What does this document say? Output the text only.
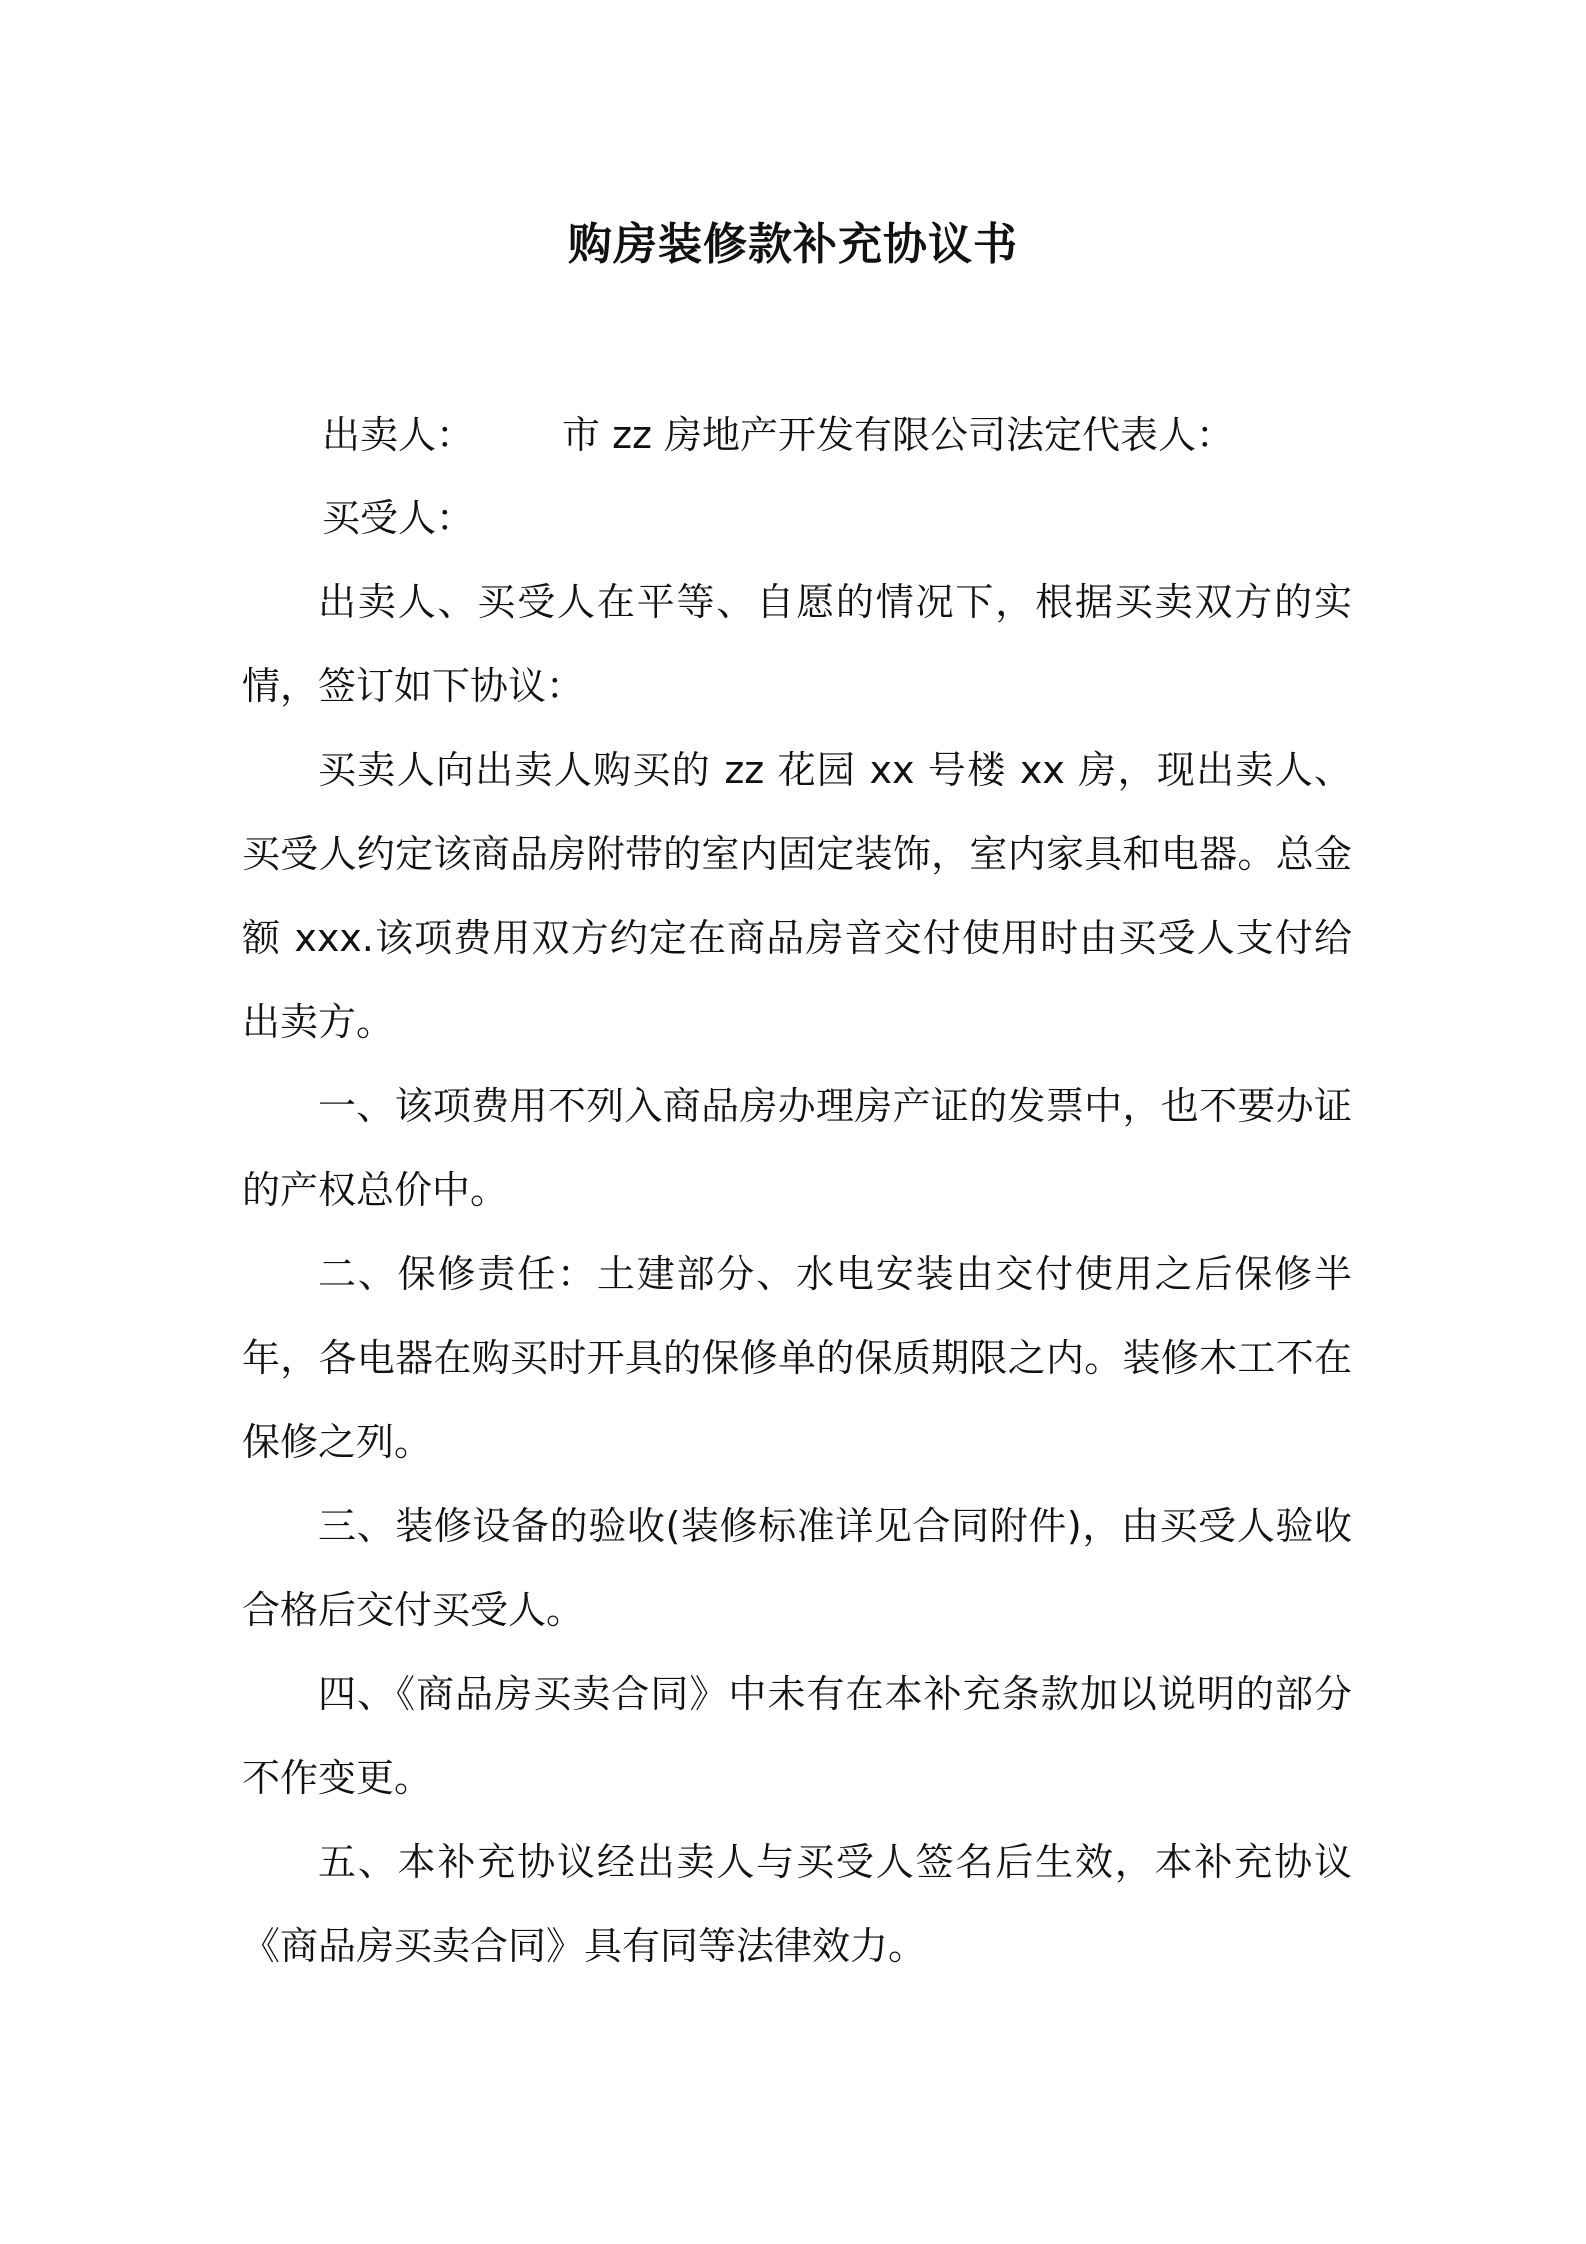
购房装修款补充协议书
出卖人： 市 zz 房地产开发有限公司法定代表人：
买受人：

出卖人、买受人在平等、自愿的情况下，根据买卖双方的实情，签订如下协议：

买卖人向出卖人购买的 zz 花园 xx 号楼 xx 房，现出卖人、买受人约定该商品房附带的室内固定装饰，室内家具和电器。总金额 xxx.该项费用双方约定在商品房音交付使用时由买受人支付给出卖方。

一、该项费用不列入商品房办理房产证的发票中，也不要办证的产权总价中。

二、保修责任：土建部分、水电安装由交付使用之后保修半年，各电器在购买时开具的保修单的保质期限之内。装修木工不在保修之列。

三、装修设备的验收(装修标准详见合同附件)，由买受人验收合格后交付买受人。

四、《商品房买卖合同》中未有在本补充条款加以说明的部分不作变更。

五、本补充协议经出卖人与买受人签名后生效，本补充协议《商品房买卖合同》具有同等法律效力。
